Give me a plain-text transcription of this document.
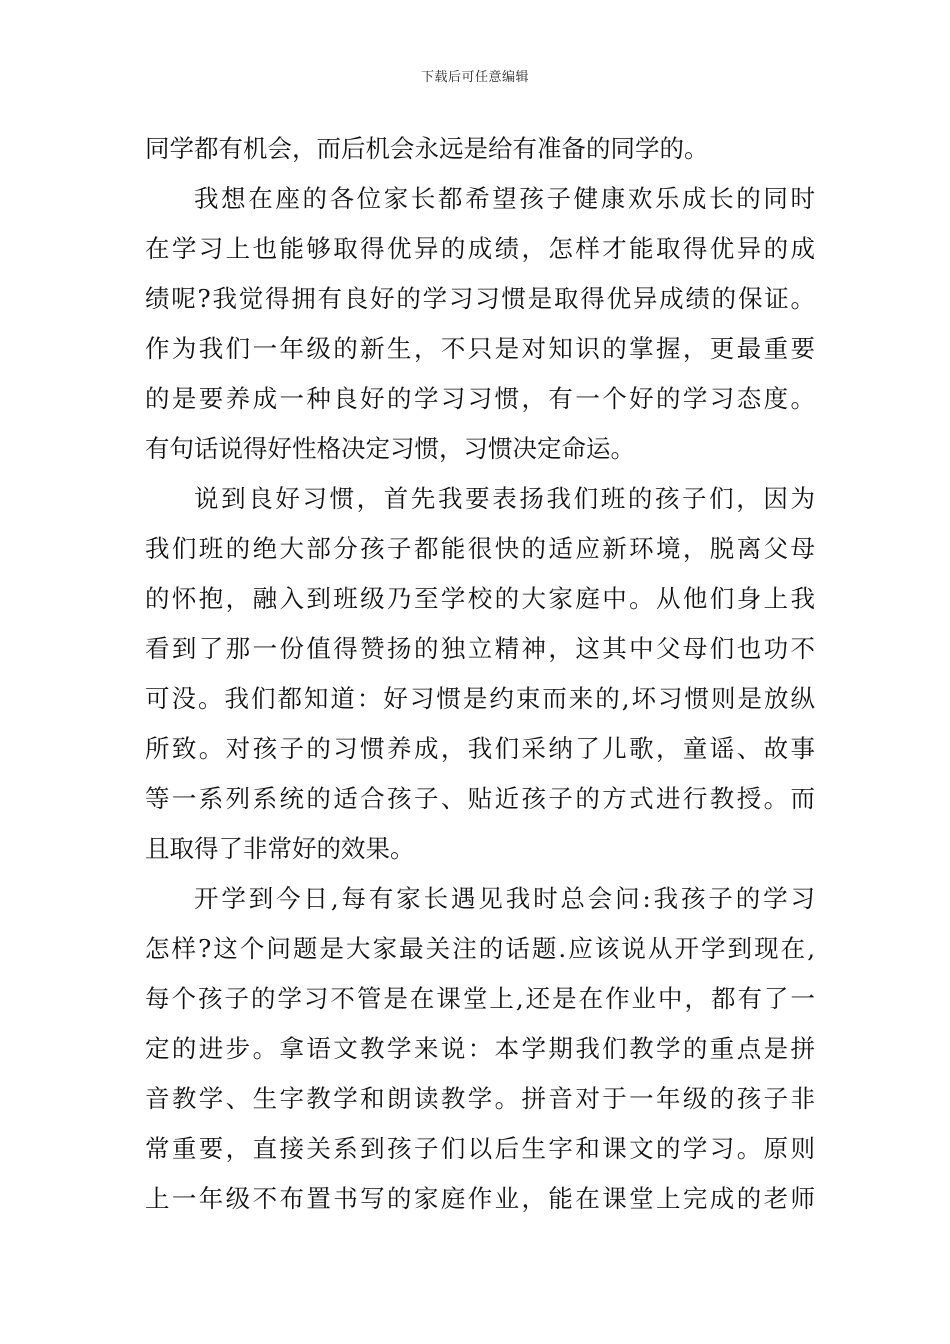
下载后可任意编辑
同学都有机会，而后机会永远是给有准备的同学的。
我想在座的各位家长都希望孩子健康欢乐成长的同时
在学习上也能够取得优异的成绩，怎样才能取得优异的成
绩呢?我觉得拥有良好的学习习惯是取得优异成绩的保证。
作为我们一年级的新生，不只是对知识的掌握，更最重要
的是要养成一种良好的学习习惯，有一个好的学习态度。
有句话说得好性格决定习惯，习惯决定命运。
说到良好习惯，首先我要表扬我们班的孩子们，因为
我们班的绝大部分孩子都能很快的适应新环境，脱离父母
的怀抱，融入到班级乃至学校的大家庭中。从他们身上我
看到了那一份值得赞扬的独立精神，这其中父母们也功不
可没。我们都知道：好习惯是约束而来的,坏习惯则是放纵
所致。对孩子的习惯养成，我们采纳了儿歌，童谣、故事
等一系列系统的适合孩子、贴近孩子的方式进行教授。而
且取得了非常好的效果。
开学到今日,每有家长遇见我时总会问:我孩子的学习
怎样?这个问题是大家最关注的话题.应该说从开学到现在,
每个孩子的学习不管是在课堂上,还是在作业中，都有了一
定的进步。拿语文教学来说：本学期我们教学的重点是拼
音教学、生字教学和朗读教学。拼音对于一年级的孩子非
常重要，直接关系到孩子们以后生字和课文的学习。原则
上一年级不布置书写的家庭作业，能在课堂上完成的老师
